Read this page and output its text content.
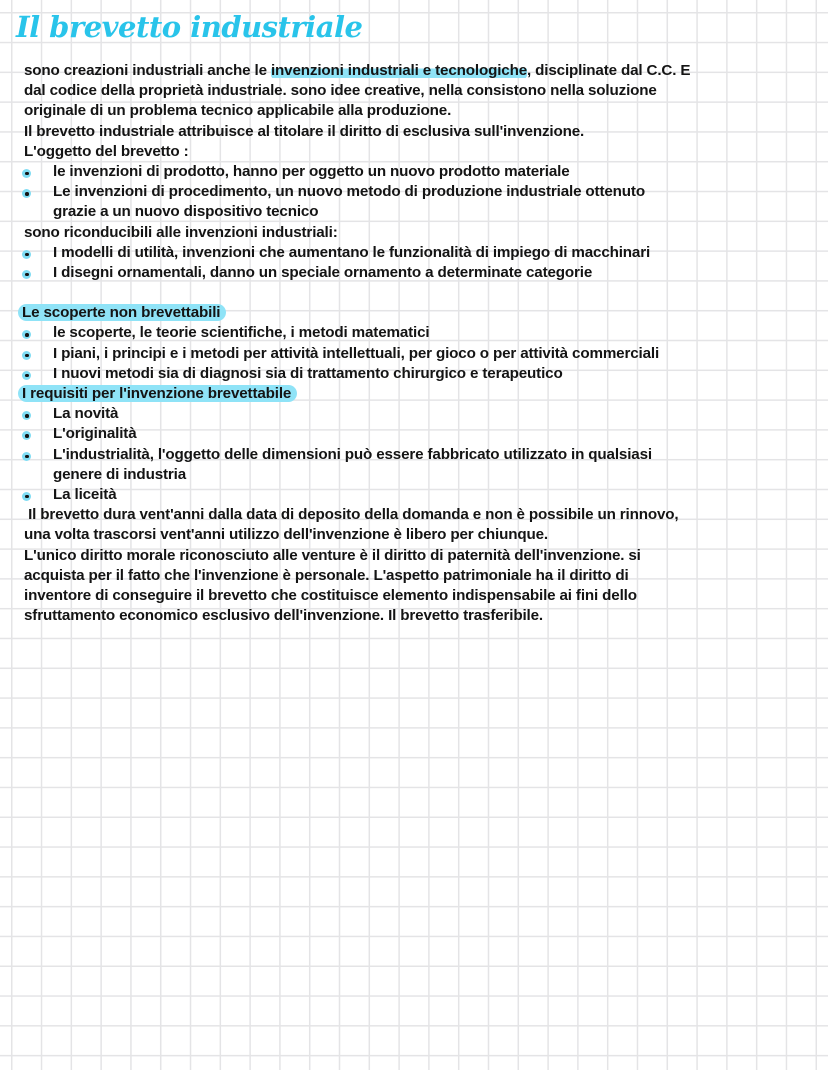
Il brevetto industriale
sono creazioni industriali anche le invenzioni industriali e tecnologiche, disciplinate dal C.C. E
dal codice della proprietà industriale. sono idee creative, nella consistono nella soluzione
originale di un problema tecnico applicabile alla produzione.
Il brevetto industriale attribuisce al titolare il diritto di esclusiva sull'invenzione.
L'oggetto del brevetto :
le invenzioni di prodotto, hanno per oggetto un nuovo prodotto materiale
Le invenzioni di procedimento, un nuovo metodo di produzione industriale ottenuto
grazie a un nuovo dispositivo tecnico
sono riconducibili alle invenzioni industriali:
I modelli di utilità, invenzioni che aumentano le funzionalità di impiego di macchinari
I disegni ornamentali, danno un speciale ornamento a determinate categorie
Le scoperte non brevettabili
le scoperte, le teorie scientifiche, i metodi matematici
I piani, i principi e i metodi per attività intellettuali, per gioco o per attività commerciali
I nuovi metodi sia di diagnosi sia di trattamento chirurgico e terapeutico
I requisiti per l'invenzione brevettabile
La novità
L'originalità
L'industrialità, l'oggetto delle dimensioni può essere fabbricato utilizzato in qualsiasi
genere di industria
La liceità
Il brevetto dura vent'anni dalla data di deposito della domanda e non è possibile un rinnovo,
una volta trascorsi vent'anni utilizzo dell'invenzione è libero per chiunque.
L'unico diritto morale riconosciuto alle venture è il diritto di paternità dell'invenzione. si
acquista per il fatto che l'invenzione è personale. L'aspetto patrimoniale ha il diritto di
inventore di conseguire il brevetto che costituisce elemento indispensabile ai fini dello
sfruttamento economico esclusivo dell'invenzione. Il brevetto trasferibile.
